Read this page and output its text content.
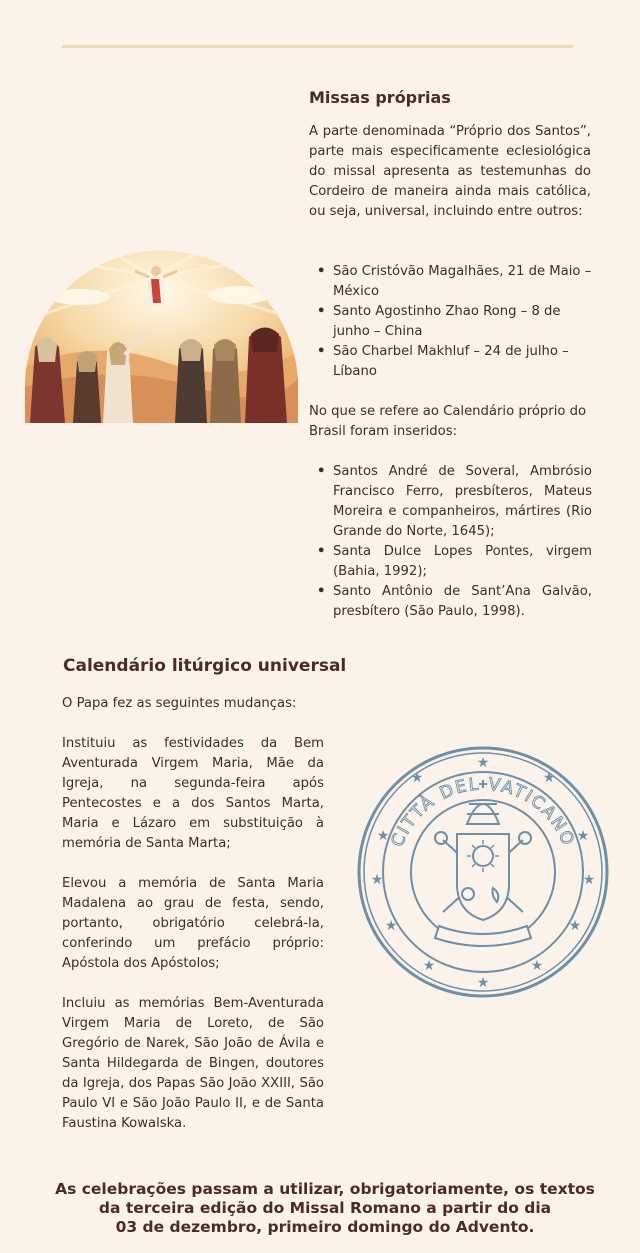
Missas próprias

A parte denominada “Próprio dos Santos”, parte mais especificamente eclesiológica do missal apresenta as testemunhas do Cordeiro de maneira ainda mais católica, ou seja, universal, incluindo entre outros:

• São Cristóvão Magalhães, 21 de Maio – México
• Santo Agostinho Zhao Rong – 8 de junho – China
• São Charbel Makhluf – 24 de julho – Líbano

No que se refere ao Calendário próprio do Brasil foram inseridos:

• Santos André de Soveral, Ambrósio Francisco Ferro, presbíteros, Mateus Moreira e companheiros, mártires (Rio Grande do Norte, 1645);
• Santa Dulce Lopes Pontes, virgem (Bahia, 1992);
• Santo Antônio de Sant’Ana Galvão, presbítero (São Paulo, 1998).
Calendário litúrgico universal

O Papa fez as seguintes mudanças:

Instituiu as festividades da Bem Aventurada Virgem Maria, Mãe da Igreja, na segunda-feira após Pentecostes e a dos Santos Marta, Maria e Lázaro em substituição à memória de Santa Marta;

Elevou a memória de Santa Maria Madalena ao grau de festa, sendo, portanto, obrigatório celebrá-la, conferindo um prefácio próprio: Apóstola dos Apóstolos;

Incluiu as memórias Bem-Aventurada Virgem Maria de Loreto, de São Gregório de Narek, São João de Ávila e Santa Hildegarda de Bingen, doutores da Igreja, dos Papas São João XXIII, São Paulo VI e São João Paulo II, e de Santa Faustina Kowalska.

★
★	★
★	★
★	★
★	★
★	★
★
CITTÀ DEL VATICANO

As celebrações passam a utilizar, obrigatoriamente, os textos
da terceira edição do Missal Romano a partir do dia
03 de dezembro, primeiro domingo do Advento.
